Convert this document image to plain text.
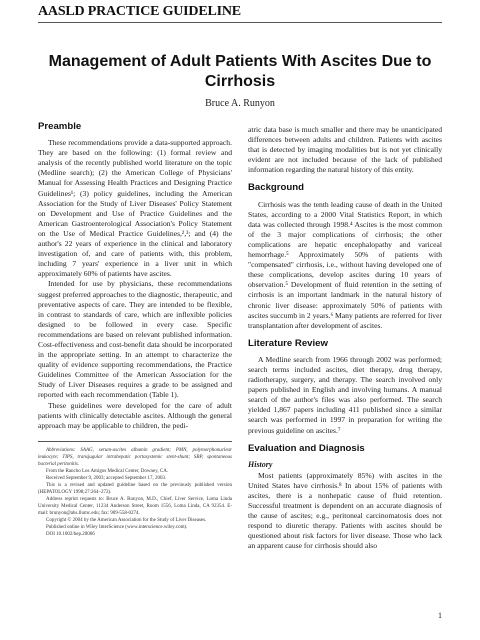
AASLD PRACTICE GUIDELINE
Management of Adult Patients With Ascites Due to Cirrhosis
Bruce A. Runyon
Preamble

These recommendations provide a data-supported approach. They are based on the following: (1) formal review and analysis of the recently published world literature on the topic (Medline search); (2) the American College of Physicians' Manual for Assessing Health Practices and Designing Practice Guidelines¹; (3) policy guidelines, including the American Association for the Study of Liver Diseases' Policy Statement on Development and Use of Practice Guidelines and the American Gastroenterological Association's Policy Statement on the Use of Medical Practice Guidelines,²,³; and (4) the author's 22 years of experience in the clinical and laboratory investigation of, and care of patients with, this problem, including 7 years' experience in a liver unit in which approximately 60% of patients have ascites.

Intended for use by physicians, these recommendations suggest preferred approaches to the diagnostic, therapeutic, and preventative aspects of care. They are intended to be flexible, in contrast to standards of care, which are inflexible policies designed to be followed in every case. Specific recommendations are based on relevant published information. Cost-effectiveness and cost-benefit data should be incorporated in the appropriate setting. In an attempt to characterize the quality of evidence supporting recommendations, the Practice Guidelines Committee of the American Association for the Study of Liver Diseases requires a grade to be assigned and reported with each recommendation (Table 1).

These guidelines were developed for the care of adult patients with clinically detectable ascites. Although the general approach may be applicable to children, the pedi-

Abbreviations: SAAG, serum-ascites albumin gradient; PMN, polymorphonuclear leukocyte; TIPS, transjugular intrahepatic portasystemic stent-shunt; SBP, spontaneous bacterial peritonitis.

From the Rancho Los Amigos Medical Center, Downey, CA.

Received September 9, 2003; accepted September 17, 2003.

This is a revised and updated guideline based on the previously published version (HEPATOLOGY 1998;27:264–272).

Address reprint requests to: Bruce A. Runyon, M.D., Chief, Liver Service, Loma Linda University Medical Center, 11234 Anderson Street, Room 1556, Loma Linda, CA 92354. E-mail: brunyon@ahs.llumc.edu; fax: 909-558-0274.

Copyright © 2004 by the American Association for the Study of Liver Diseases.

Published online in Wiley InterScience (www.interscience.wiley.com).

DOI 10.1002/hep.20066

atric data base is much smaller and there may be unanticipated differences between adults and children. Patients with ascites that is detected by imaging modalities but is not yet clinically evident are not included because of the lack of published information regarding the natural history of this entity.

Background

Cirrhosis was the tenth leading cause of death in the United States, according to a 2000 Vital Statistics Report, in which data was collected through 1998.⁴ Ascites is the most common of the 3 major complications of cirrhosis; the other complications are hepatic encephalopathy and variceal hemorrhage.⁵ Approximately 50% of patients with "compensated" cirrhosis, i.e., without having developed one of these complications, develop ascites during 10 years of observation.⁵ Development of fluid retention in the setting of cirrhosis is an important landmark in the natural history of chronic liver disease: approximately 50% of patients with ascites succumb in 2 years.⁶ Many patients are referred for liver transplantation after development of ascites.

Literature Review

A Medline search from 1966 through 2002 was performed; search terms included ascites, diet therapy, drug therapy, radiotherapy, surgery, and therapy. The search involved only papers published in English and involving humans. A manual search of the author's files was also performed. The search yielded 1,867 papers including 411 published since a similar search was performed in 1997 in preparation for writing the previous guideline on ascites.⁷

Evaluation and Diagnosis
History

Most patients (approximately 85%) with ascites in the United States have cirrhosis.⁸ In about 15% of patients with ascites, there is a nonhepatic cause of fluid retention. Successful treatment is dependent on an accurate diagnosis of the cause of ascites; e.g., peritoneal carcinomatosis does not respond to diuretic therapy. Patients with ascites should be questioned about risk factors for liver disease. Those who lack an apparent cause for cirrhosis should also

1
